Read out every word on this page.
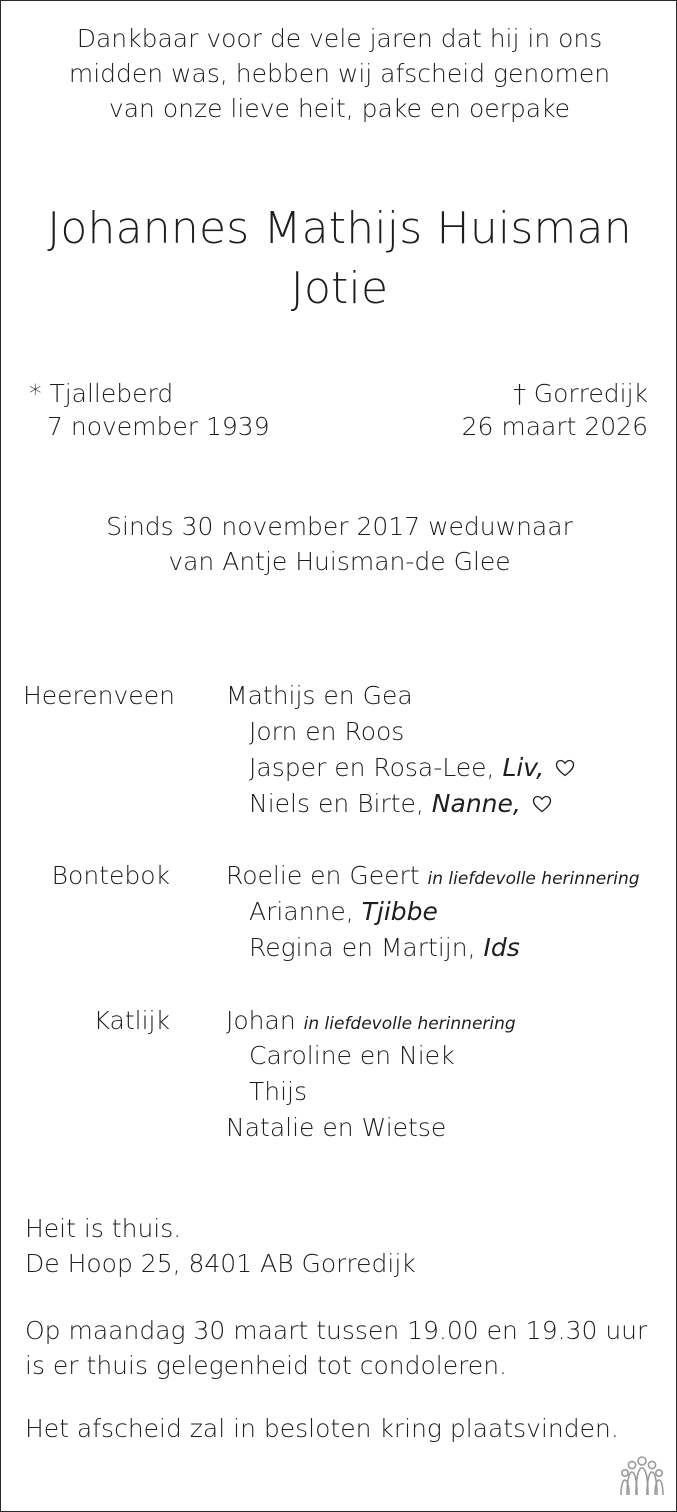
Dankbaar voor de vele jaren dat hij in ons
midden was, hebben wij afscheid genomen
van onze lieve heit, pake en oerpake
Johannes Mathijs Huisman
Jotie
* Tjalleberd
7 november 1939
† Gorredijk
26 maart 2026
Sinds 30 november 2017 weduwnaar
van Antje Huisman-de Glee
Heerenveen Mathijs en Gea
Jorn en Roos
Jasper en Rosa-Lee, Liv,
Niels en Birte, Nanne,
Bontebok Roelie en Geert in liefdevolle herinnering
Arianne, Tjibbe
Regina en Martijn, Ids
Katlijk Johan in liefdevolle herinnering
Caroline en Niek
Thijs
Natalie en Wietse
Heit is thuis.
De Hoop 25, 8401 AB Gorredijk
Op maandag 30 maart tussen 19.00 en 19.30 uur
is er thuis gelegenheid tot condoleren.
Het afscheid zal in besloten kring plaatsvinden.
